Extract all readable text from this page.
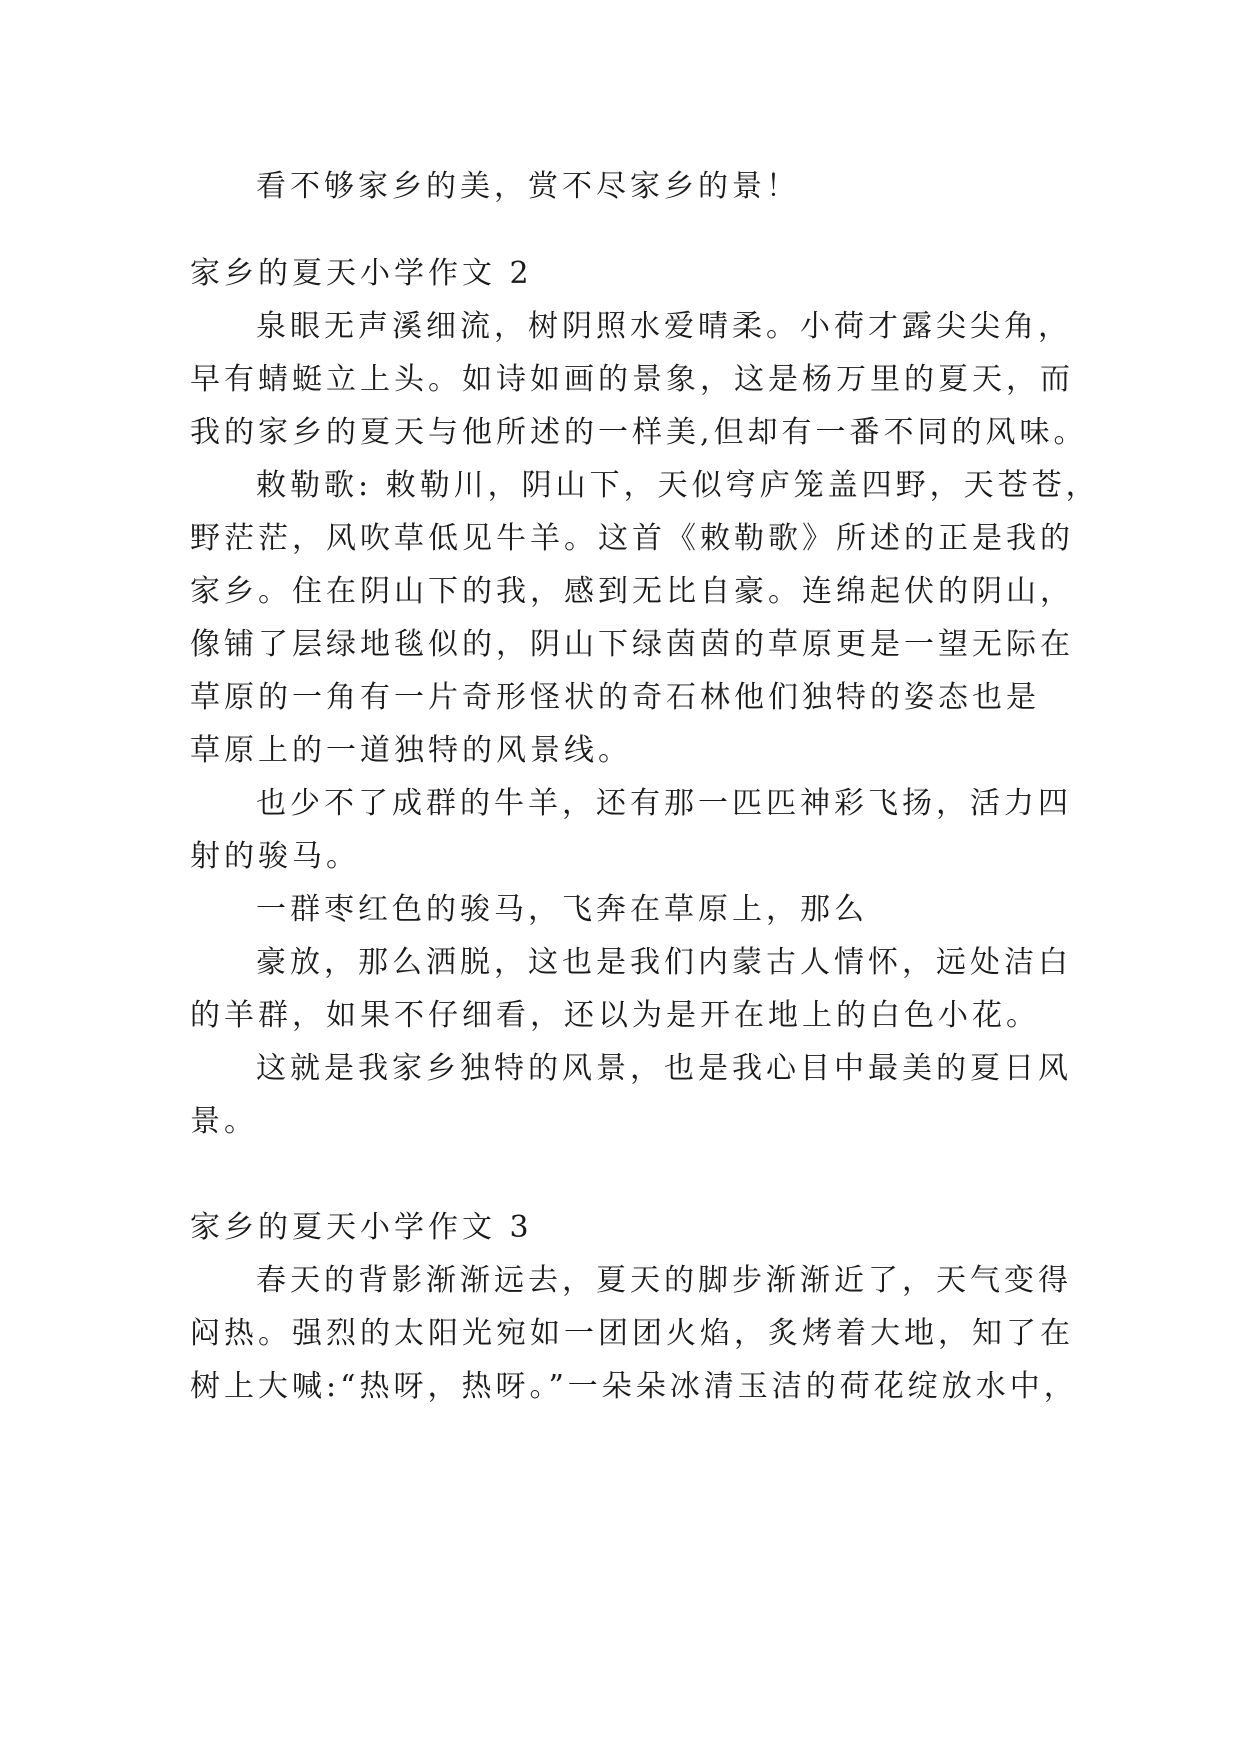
看不够家乡的美，赏不尽家乡的景！
家乡的夏天小学作文 2
泉眼无声溪细流，树阴照水爱晴柔。小荷才露尖尖角，
早有蜻蜓立上头。如诗如画的景象，这是杨万里的夏天，而
我的家乡的夏天与他所述的一样美,但却有一番不同的风味。
敕勒歌: 敕勒川，阴山下，天似穹庐笼盖四野，天苍苍，
野茫茫，风吹草低见牛羊。这首《敕勒歌》所述的正是我的
家乡。住在阴山下的我，感到无比自豪。连绵起伏的阴山，
像铺了层绿地毯似的，阴山下绿茵茵的草原更是一望无际在
草原的一角有一片奇形怪状的奇石林他们独特的姿态也是
草原上的一道独特的风景线。
也少不了成群的牛羊，还有那一匹匹神彩飞扬，活力四
射的骏马。
一群枣红色的骏马，飞奔在草原上，那么
豪放，那么洒脱，这也是我们内蒙古人情怀，远处洁白
的羊群，如果不仔细看，还以为是开在地上的白色小花。
这就是我家乡独特的风景，也是我心目中最美的夏日风
景。
家乡的夏天小学作文 3
春天的背影渐渐远去，夏天的脚步渐渐近了，天气变得
闷热。强烈的太阳光宛如一团团火焰，炙烤着大地，知了在
树上大喊:“热呀，热呀。”一朵朵冰清玉洁的荷花绽放水中，
